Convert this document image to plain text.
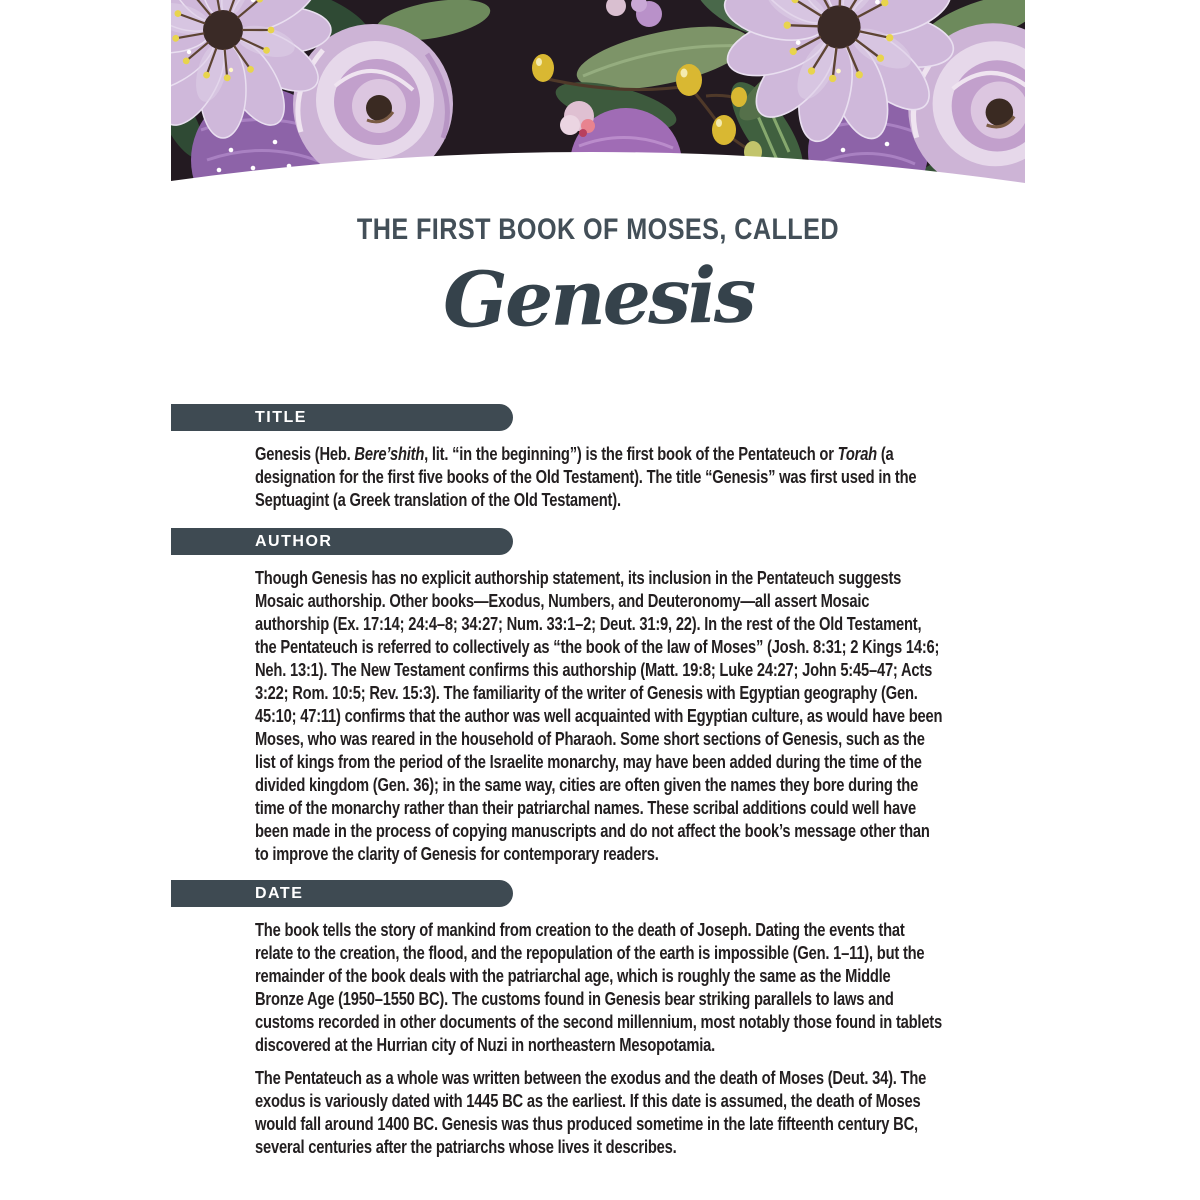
THE FIRST BOOK OF MOSES, CALLED
Genesis
TITLE

Genesis (Heb. Bere’shith, lit. “in the beginning”) is the first book of the Pentateuch or Torah (a designation for the first five books of the Old Testament). The title “Genesis” was first used in the Septuagint (a Greek translation of the Old Testament).

AUTHOR

Though Genesis has no explicit authorship statement, its inclusion in the Pentateuch suggests Mosaic authorship. Other books—Exodus, Numbers, and Deuteronomy—all assert Mosaic authorship (Ex. 17:14; 24:4–8; 34:27; Num. 33:1–2; Deut. 31:9, 22). In the rest of the Old Testament, the Pentateuch is referred to collectively as “the book of the law of Moses” (Josh. 8:31; 2 Kings 14:6; Neh. 13:1). The New Testament confirms this authorship (Matt. 19:8; Luke 24:27; John 5:45–47; Acts 3:22; Rom. 10:5; Rev. 15:3). The familiarity of the writer of Genesis with Egyptian geography (Gen. 45:10; 47:11) confirms that the author was well acquainted with Egyptian culture, as would have been Moses, who was reared in the household of Pharaoh. Some short sections of Genesis, such as the list of kings from the period of the Israelite monarchy, may have been added during the time of the divided kingdom (Gen. 36); in the same way, cities are often given the names they bore during the time of the monarchy rather than their patriarchal names. These scribal additions could well have been made in the process of copying manuscripts and do not affect the book’s message other than to improve the clarity of Genesis for contemporary readers.

DATE

The book tells the story of mankind from creation to the death of Joseph. Dating the events that relate to the creation, the flood, and the repopulation of the earth is impossible (Gen. 1–11), but the remainder of the book deals with the patriarchal age, which is roughly the same as the Middle Bronze Age (1950–1550 BC). The customs found in Genesis bear striking parallels to laws and customs recorded in other documents of the second millennium, most notably those found in tablets discovered at the Hurrian city of Nuzi in northeastern Mesopotamia.

The Pentateuch as a whole was written between the exodus and the death of Moses (Deut. 34). The exodus is variously dated with 1445 BC as the earliest. If this date is assumed, the death of Moses would fall around 1400 BC. Genesis was thus produced sometime in the late fifteenth century BC, several centuries after the patriarchs whose lives it describes.
